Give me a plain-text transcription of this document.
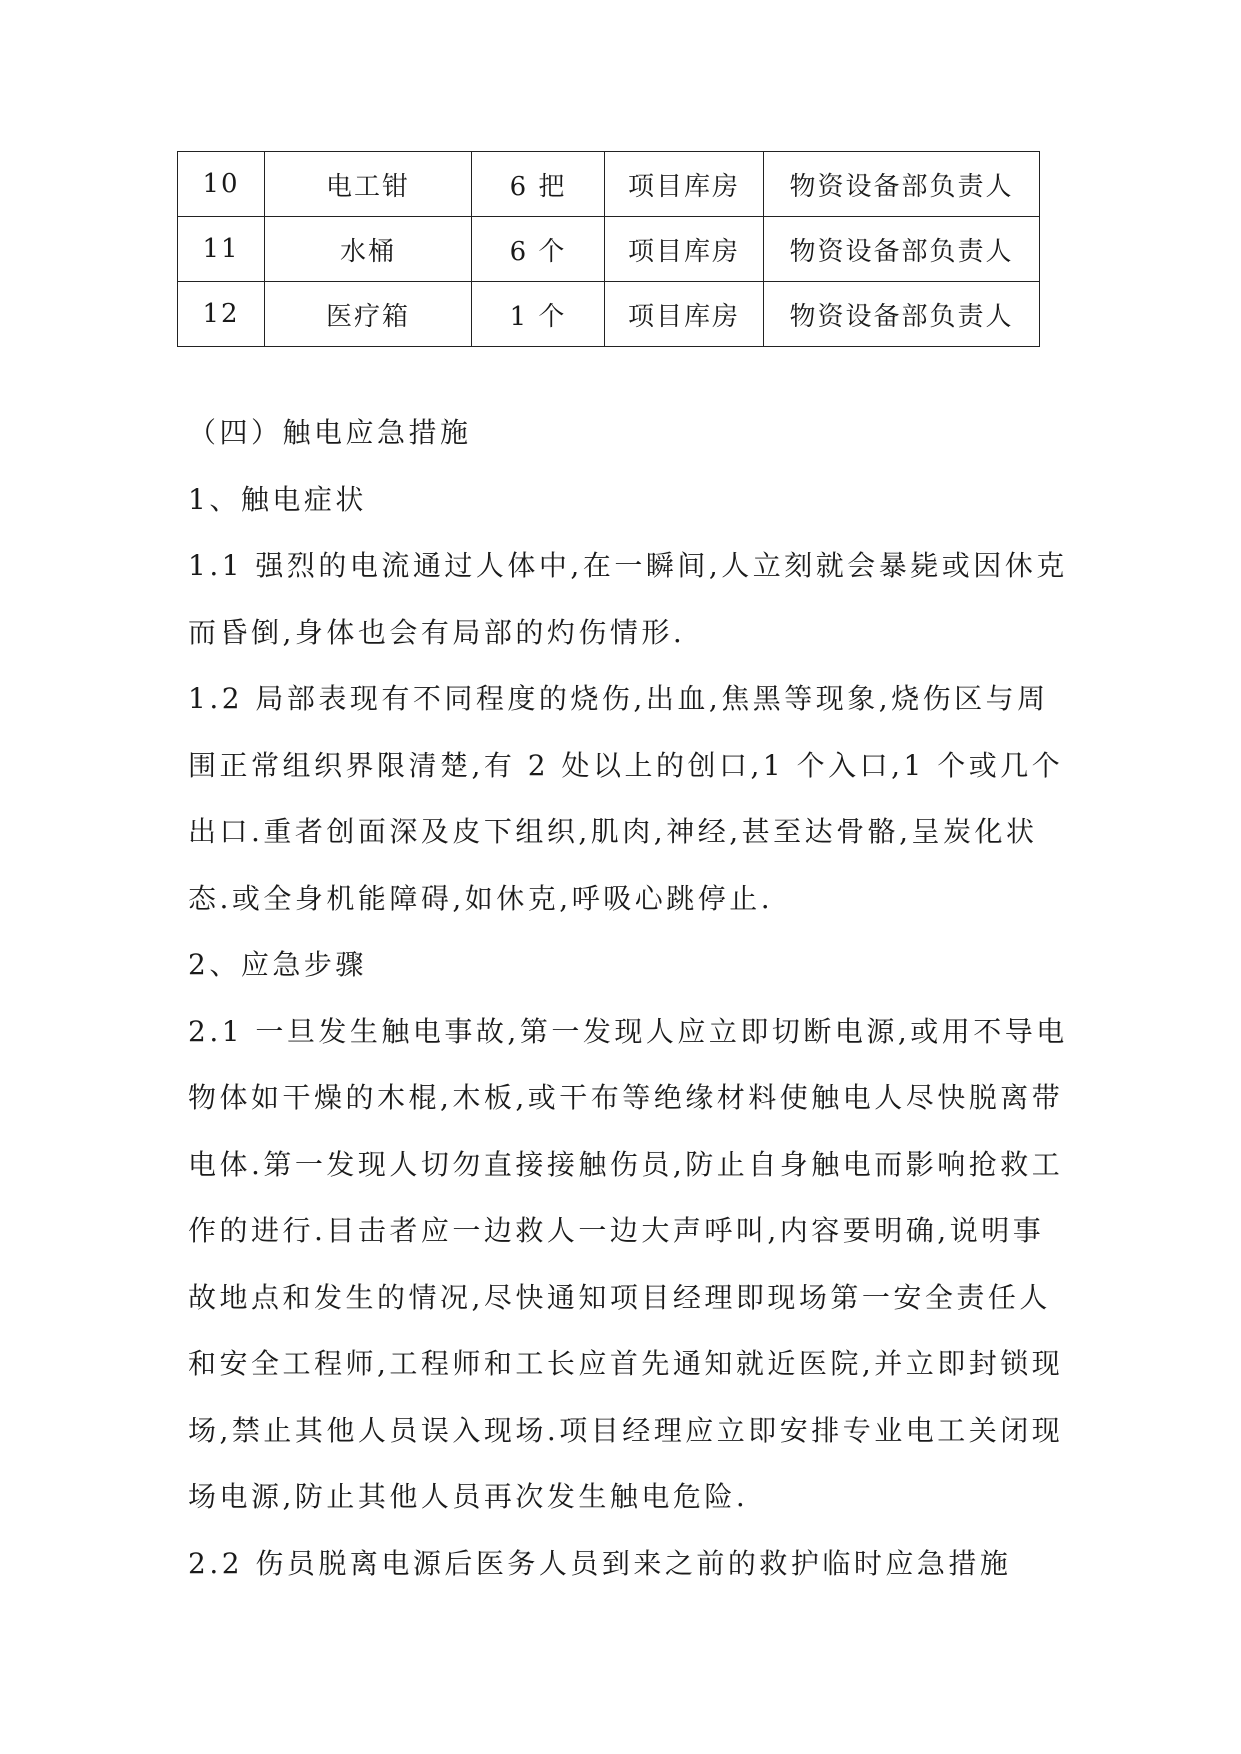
10	电工钳	6 把	项目库房	物资设备部负责人
11	水桶	6 个	项目库房	物资设备部负责人
12	医疗箱	1 个	项目库房	物资设备部负责人

（四）触电应急措施

1、触电症状

1.1 强烈的电流通过人体中,在一瞬间,人立刻就会暴毙或因休克而昏倒,身体也会有局部的灼伤情形.

1.2 局部表现有不同程度的烧伤,出血,焦黑等现象,烧伤区与周围正常组织界限清楚,有 2 处以上的创口,1 个入口,1 个或几个出口.重者创面深及皮下组织,肌肉,神经,甚至达骨骼,呈炭化状态.或全身机能障碍,如休克,呼吸心跳停止.

2、应急步骤

2.1 一旦发生触电事故,第一发现人应立即切断电源,或用不导电物体如干燥的木棍,木板,或干布等绝缘材料使触电人尽快脱离带电体.第一发现人切勿直接接触伤员,防止自身触电而影响抢救工作的进行.目击者应一边救人一边大声呼叫,内容要明确,说明事故地点和发生的情况,尽快通知项目经理即现场第一安全责任人和安全工程师,工程师和工长应首先通知就近医院,并立即封锁现场,禁止其他人员误入现场.项目经理应立即安排专业电工关闭现场电源,防止其他人员再次发生触电危险.

2.2 伤员脱离电源后医务人员到来之前的救护临时应急措施
